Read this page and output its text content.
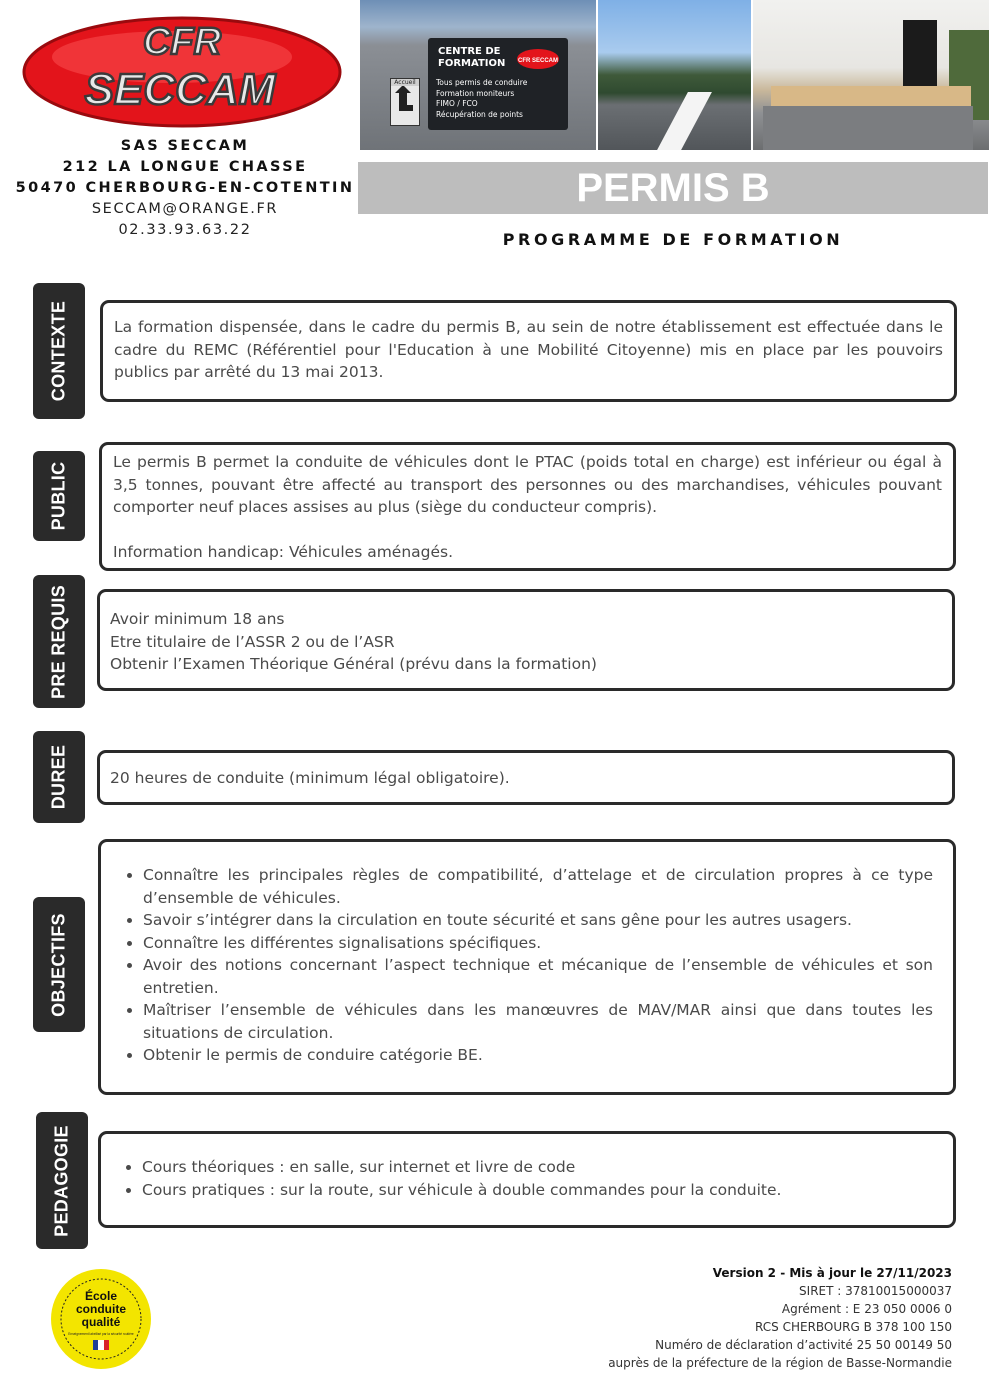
CFR
SECCAM
SAS SECCAM
212 LA LONGUE CHASSE
50470 CHERBOURG-EN-COTENTIN
SECCAM@ORANGE.FR
02.33.93.63.22
CENTRE DE FORMATION	CFR SECCAM
Tous permis de conduire
Formation moniteurs
FIMO / FCO
Récupération de points
Accueil
PERMIS B
PROGRAMME DE FORMATION
CONTEXTE	La formation dispensée, dans le cadre du permis B, au sein de notre établissement est effectuée dans le cadre du REMC (Référentiel pour l'Education à une Mobilité Citoyenne) mis en place par les pouvoirs publics par arrêté du 13 mai 2013.

PUBLIC	Le permis B permet la conduite de véhicules dont le PTAC (poids total en charge) est inférieur ou égal à 3,5 tonnes, pouvant être affecté au transport des personnes ou des marchandises, véhicules pouvant comporter neuf places assises au plus (siège du conducteur compris).

Information handicap: Véhicules aménagés.

PRE REQUIS	Avoir minimum 18 ans
Etre titulaire de l’ASSR 2 ou de l’ASR
Obtenir l’Examen Théorique Général (prévu dans la formation)
DUREE	20 heures de conduite (minimum légal obligatoire).
OBJECTIFS
• Connaître les principales règles de compatibilité, d’attelage et de circulation propres à ce type d’ensemble de véhicules.
• Savoir s’intégrer dans la circulation en toute sécurité et sans gêne pour les autres usagers.
• Connaître les différentes signalisations spécifiques.
• Avoir des notions concernant l’aspect technique et mécanique de l’ensemble de véhicules et son entretien.
• Maîtriser l’ensemble de véhicules dans les manœuvres de MAV/MAR ainsi que dans toutes les situations de circulation.
• Obtenir le permis de conduire catégorie BE.
PEDAGOGIE
•	Cours théoriques : en salle, sur internet et livre de code
• Cours pratiques : sur la route, sur véhicule à double commandes pour la conduite.
École
conduite
qualité
Enseignement labellisé par la sécurité routière
Version 2 - Mis à jour le 27/11/2023
SIRET : 37810015000037
Agrément : E 23 050 0006 0
RCS CHERBOURG B 378 100 150
Numéro de déclaration d’activité 25 50 00149 50
auprès de la préfecture de la région de Basse-Normandie
